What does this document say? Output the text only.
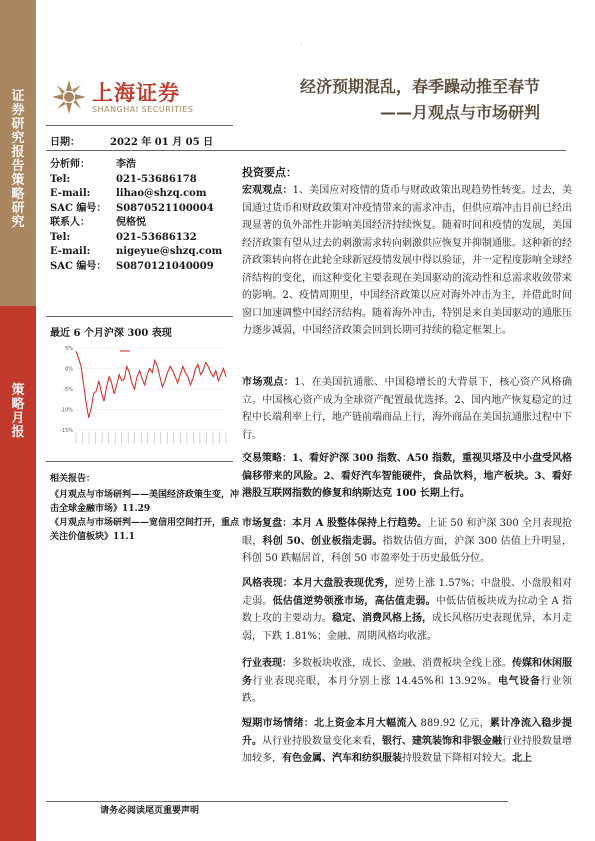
证券研究报告 策略研究
策略月报
`
上海证券
SHANGHAI SECURITIES
经济预期混乱，春季躁动推至春节
——月观点与市场研判
日期：	2022 年 01 月 05 日
分析师：	李浩
Tel:	021-53686178
E-mail:	lihao@shzq.com
SAC 编号： S0870521100004
联系人：	倪格悦
Tel:	021-53686132
E-mail:	nigeyue@shzq.com
SAC 编号： S0870121040009
最近 6 个月沪深 300 表现
5%
0%
-5%
-10%
-15%
相关报告：
《月观点与市场研判——美国经济政策生变，冲击全球金融市场》11.29
《月观点与市场研判——宽信用空间打开，重点关注价值板块》11.1
投资要点：
宏观观点：1、美国应对疫情的货币与财政政策出现趋势性转变。过去，美国通过货币和财政政策对冲疫情带来的需求冲击，但供应端冲击目前已经出现显著的负外部性并影响美国经济持续恢复。随着时间和疫情的发展，美国经济政策有望从过去的刺激需求转向刺激供应恢复并抑制通胀。这种新的经济政策转向将在此轮全球新冠疫情发展中得以验证，并一定程度影响全球经济结构的变化，而这种变化主要表现在美国驱动的流动性和总需求收敛带来的影响。2、疫情周期里，中国经济政策以应对海外冲击为主，并借此时间窗口加速调整中国经济结构。随着海外冲击，特别是来自美国驱动的通胀压力逐步减弱，中国经济政策会回到长期可持续的稳定框架上。
市场观点：1、在美国抗通胀、中国稳增长的大背景下，核心资产风格确立。中国核心资产成为全球资产配置最优选择。2、国内地产恢复稳定的过程中长端利率上行，地产链前端商品上行，海外商品在美国抗通胀过程中下行。
交易策略：1、看好沪深 300 指数、A50 指数，重视贝塔及中小盘受风格偏移带来的风险。2、看好汽车智能硬件，食品饮料，地产板块。3、看好港股互联网指数的修复和纳斯达克 100 长期上行。
市场复盘：本月 A 股整体保持上行趋势。上证 50 和沪深 300 全月表现抢眼，科创 50、创业板指走弱。指数估值方面，沪深 300 估值上升明显，科创 50 跌幅居首，科创 50 市盈率处于历史最低分位。
风格表现：本月大盘股表现优秀，逆势上涨 1.57%；中盘股、小盘股相对走弱。低估值逆势领涨市场，高估值走弱。中低估值板块成为拉动全 A 指数上攻的主要动力。稳定、消费风格上扬，成长风格历史表现优异，本月走弱，下跌 1.81%；金融、周期风格均收涨。
行业表现：多数板块收涨，成长、金融、消费板块全线上涨。传媒和休闲服务行业表现亮眼，本月分别上涨 14.45%和 13.92%。电气设备行业领跌。
短期市场情绪：北上资金本月大幅流入 889.92 亿元，累计净流入稳步提升。从行业持股数量变化来看，银行、建筑装饰和非银金融行业持股数量增加较多，有色金属、汽车和纺织服装持股数量下降相对较大。北上
请务必阅读尾页重要声明
